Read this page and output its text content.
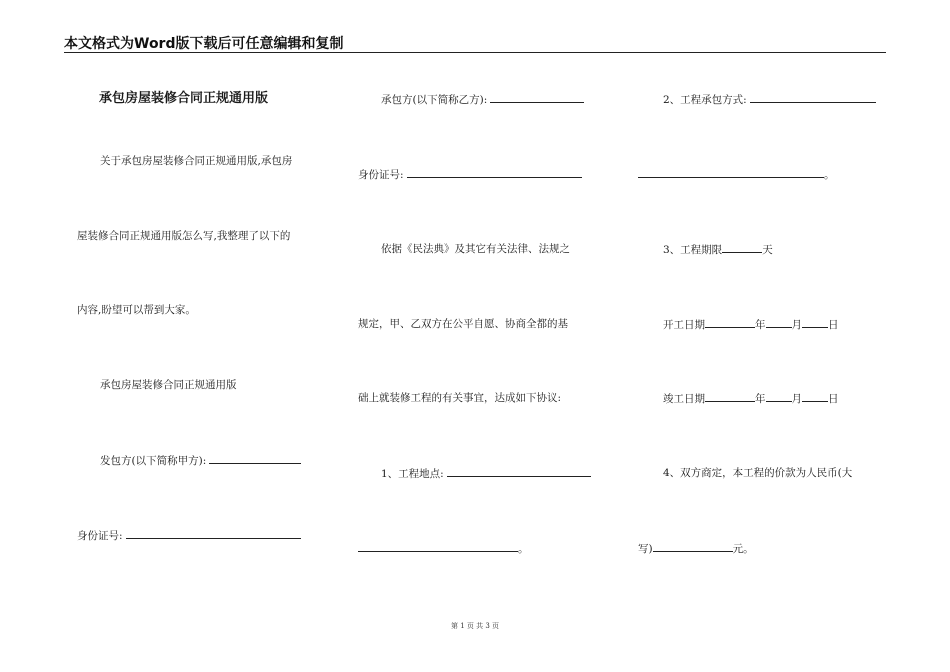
本文格式为Word版下载后可任意编辑和复制
承包房屋装修合同正规通用版
关于承包房屋装修合同正规通用版,承包房
屋装修合同正规通用版怎么写,我整理了以下的
内容,盼望可以帮到大家。
承包房屋装修合同正规通用版
发包方(以下简称甲方):
身份证号:
承包方(以下简称乙方):
身份证号:
依据《民法典》及其它有关法律、法规之
规定，甲、乙双方在公平自愿、协商全都的基
础上就装修工程的有关事宜，达成如下协议:
1、工程地点:
。
2、工程承包方式:
。
3、工程期限	天
开工日期	年 月 日
竣工日期	年 月 日
4、双方商定，本工程的价款为人民币(大
写)	元。
第 1 页 共 3 页
